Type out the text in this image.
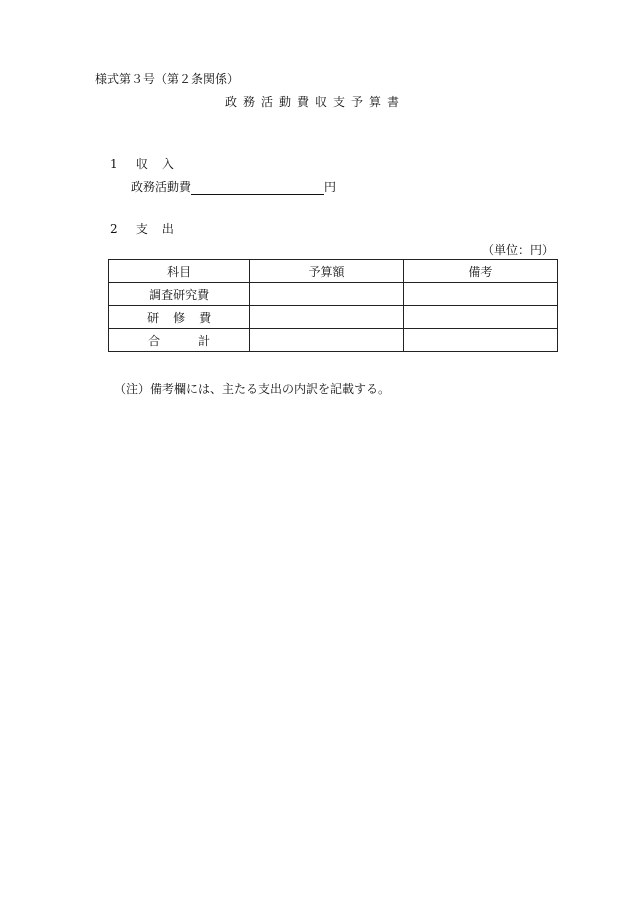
様式第３号（第２条関係）
政務活動費収支予算書
1 収入
政務活動費	円
2 支出
（単位：円）
科目	予算額	備考
調査研究費		
研修費		
合計		
（注）備考欄には、主たる支出の内訳を記載する。
